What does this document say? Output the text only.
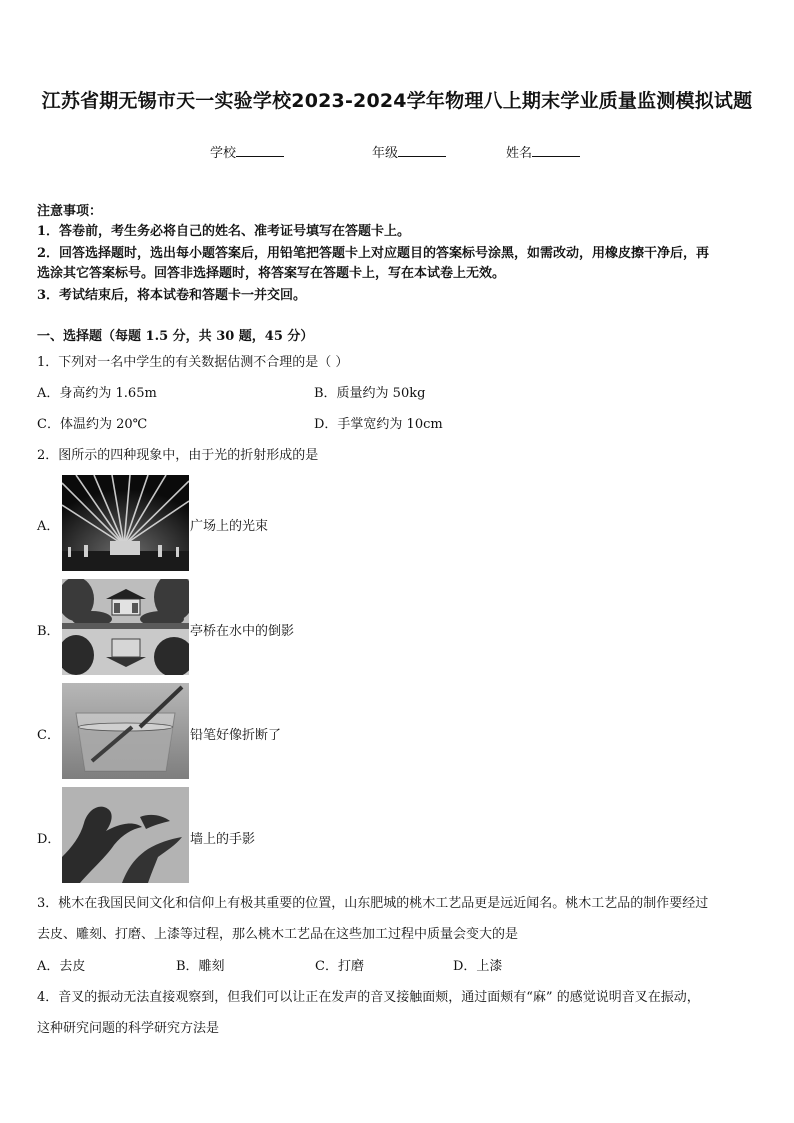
江苏省期无锡市天一实验学校2023-2024学年物理八上期末学业质量监测模拟试题
学校	年级	姓名
注意事项：
1．答卷前，考生务必将自己的姓名、准考证号填写在答题卡上。
2．回答选择题时，选出每小题答案后，用铅笔把答题卡上对应题目的答案标号涂黑，如需改动，用橡皮擦干净后，再
选涂其它答案标号。回答非选择题时，将答案写在答题卡上，写在本试卷上无效。
3．考试结束后，将本试卷和答题卡一并交回。
一、选择题（每题 1.5 分，共 30 题，45 分）
1．下列对一名中学生的有关数据估测不合理的是（ ）
A．身高约为 1.65m	B．质量约为 50kg
C．体温约为 20℃	D．手掌宽约为 10cm
2．图所示的四种现象中，由于光的折射形成的是
A．	广场上的光束
B．	亭桥在水中的倒影
C．	铅笔好像折断了
D．	墙上的手影
3．桃木在我国民间文化和信仰上有极其重要的位置，山东肥城的桃木工艺品更是远近闻名。桃木工艺品的制作要经过
去皮、雕刻、打磨、上漆等过程，那么桃木工艺品在这些加工过程中质量会变大的是
A．去皮	B．雕刻	C．打磨	D．上漆
4．音叉的振动无法直接观察到，但我们可以让正在发声的音叉接触面颊，通过面颊有“麻” 的感觉说明音叉在振动，
这种研究问题的科学研究方法是
